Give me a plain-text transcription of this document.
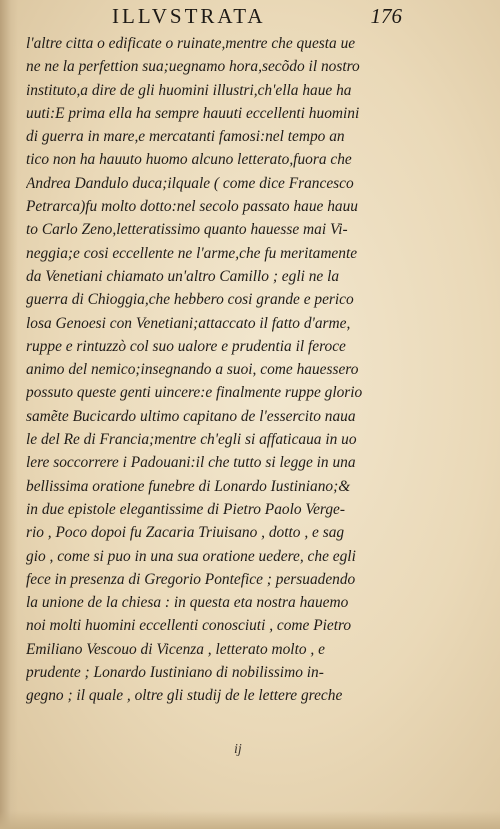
ILLVSTRATA	176
l'altre citta o edificate o ruinate,mentre che questa ue
ne ne la perfettion sua;uegnamo hora,secõdo il nostro
instituto,a dire de gli huomini illustri,ch'ella haue ha
uuti:E prima ella ha sempre hauuti eccellenti huomini
di guerra in mare,e mercatanti famosi:nel tempo an
tico non ha hauuto huomo alcuno letterato,fuora che
Andrea Dandulo duca;ilquale ( come dice Francesco
Petrarca)fu molto dotto:nel secolo passato haue hauu
to Carlo Zeno,letteratissimo quanto hauesse mai Vi-
neggia;e cosi eccellente ne l'arme,che fu meritamente
da Venetiani chiamato un'altro Camillo ; egli ne la
guerra di Chioggia,che hebbero cosi grande e perico
losa Genoesi con Venetiani;attaccato il fatto d'arme,
ruppe e rintuzzò col suo ualore e prudentia il feroce
animo del nemico;insegnando a suoi, come hauessero
possuto queste genti uincere:e finalmente ruppe glorio
samẽte Bucicardo ultimo capitano de l'essercito naua
le del Re di Francia;mentre ch'egli si affaticaua in uo
lere soccorrere i Padouani:il che tutto si legge in una
bellissima oratione funebre di Lonardo Iustiniano;&
in due epistole elegantissime di Pietro Paolo Verge-
rio , Poco dopoi fu Zacaria Triuisano , dotto , e sag
gio , come si puo in una sua oratione uedere, che egli
fece in presenza di Gregorio Pontefice ; persuadendo
la unione de la chiesa : in questa eta nostra hauemo
noi molti huomini eccellenti conosciuti , come Pietro
Emiliano Vescouo di Vicenza , letterato molto , e
prudente ; Lonardo Iustiniano di nobilissimo in-
gegno ; il quale , oltre gli studij de le lettere greche
ij
